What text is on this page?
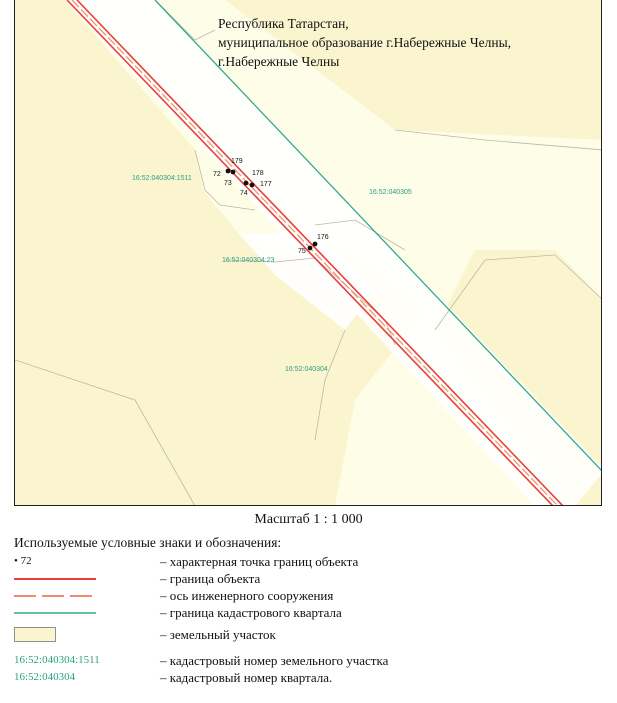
Республика Татарстан,
муниципальное образование г.Набережные Челны,
г.Набережные Челны
16:52:040304:1511
16:52:040305
16:52:040304:23
16:52:040304
72
179
73
178
74
177
75
176
Масштаб 1 : 1 000
Используемые условные знаки и обозначения:
• 72	– характерная точка границ объекта
– граница объекта
– ось инженерного сооружения
– граница кадастрового квартала
– земельный участок
16:52:040304:1511	– кадастровый номер земельного участка
16:52:040304	– кадастровый номер квартала.
